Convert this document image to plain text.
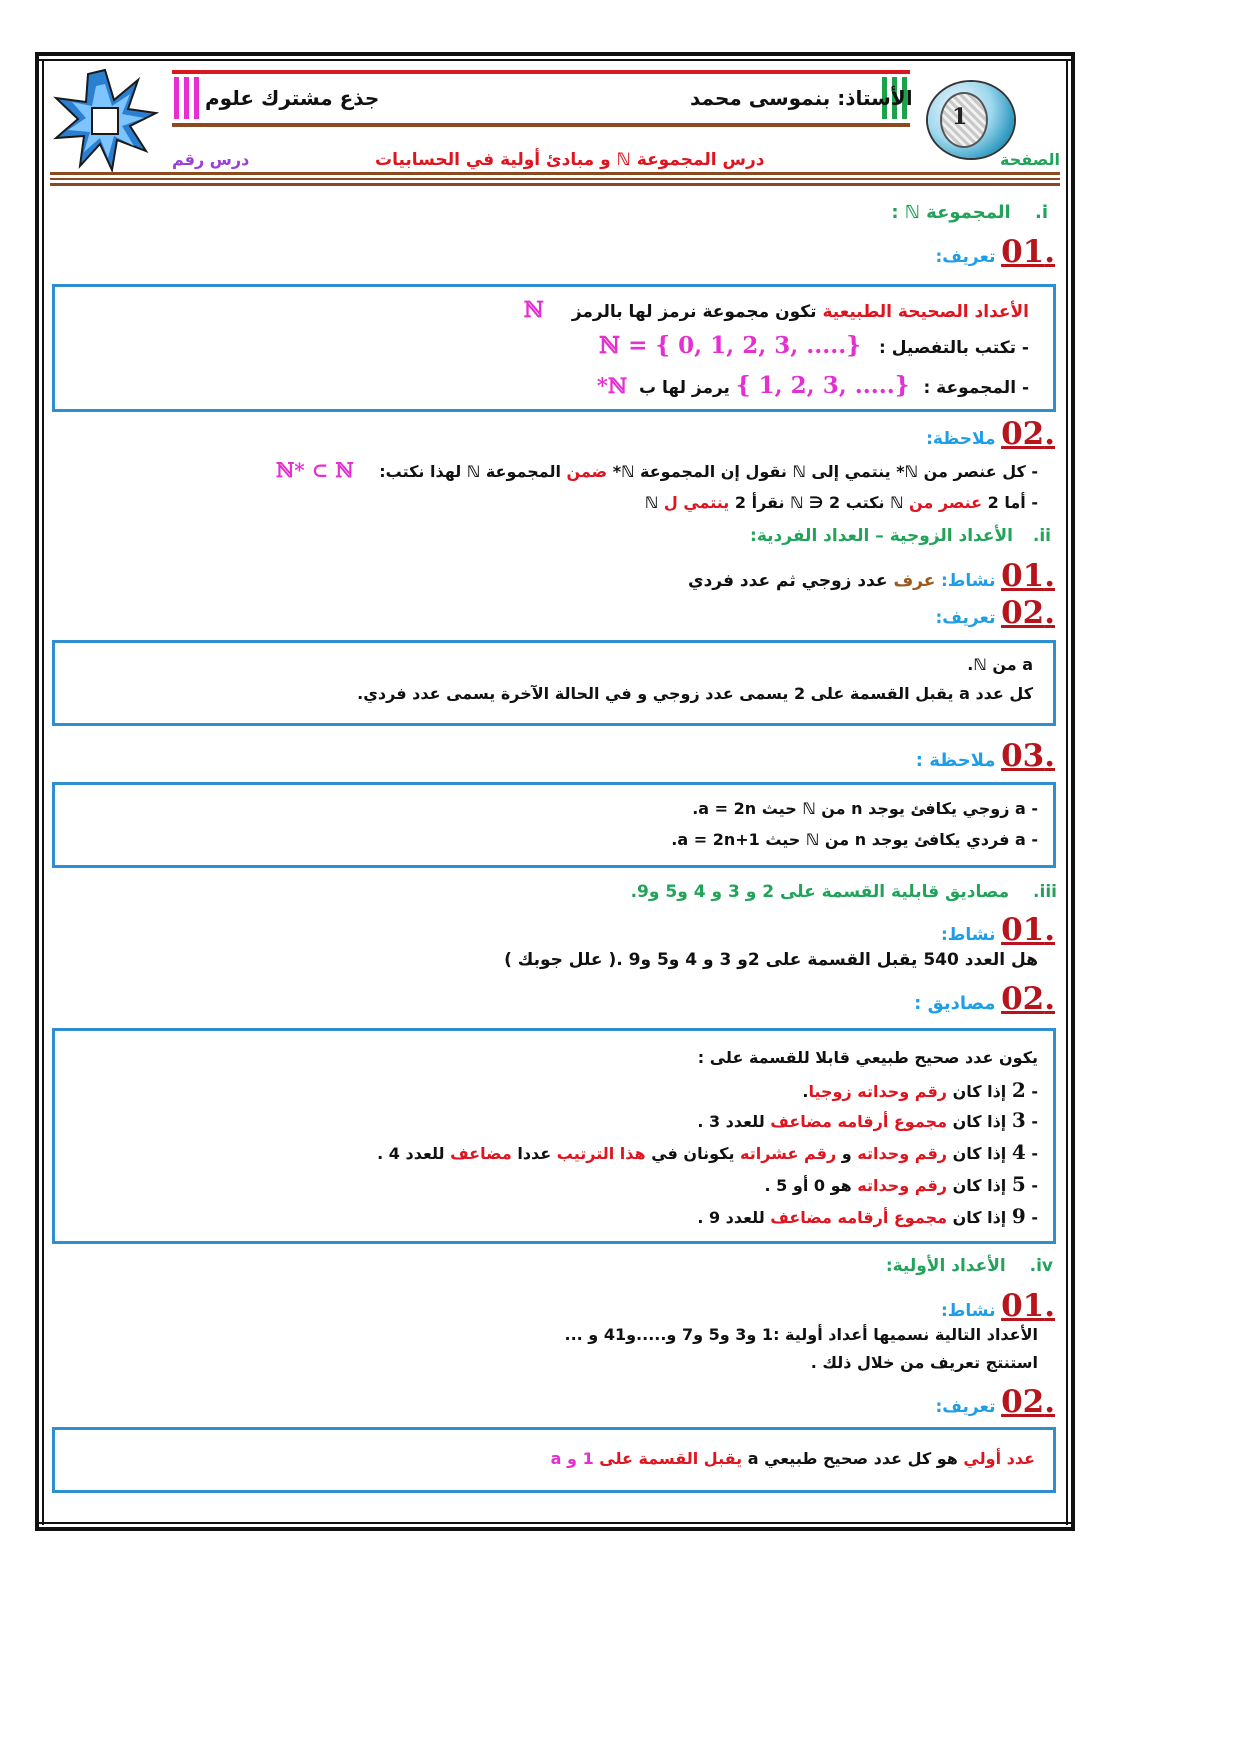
جذع مشترك علوم	الأستاذ: بنموسى محمد
1
درس رقم	درس المجموعة ℕ و مبادئ أولية في الحسابيات	الصفحة
i. المجموعة ℕ :
.01 تعريف:
الأعداد الصحيحة الطبيعية تكون مجموعة نرمز لها بالرمز ℕ
- تكتب بالتفصيل : ℕ = { 0, 1, 2, 3, .....}
- المجموعة : { 1, 2, 3, .....} يرمز لها ب ℕ*
.02 ملاحظة:
- كل عنصر من ℕ* ينتمي إلى ℕ نقول إن المجموعة ℕ* ضمن المجموعة ℕ لهذا نكتب: ℕ* ⊂ ℕ
- أما 2 عنصر من ℕ نكتب ℕ ∋ 2 نقرأ 2 ينتمي ل ℕ
ii. الأعداد الزوجية – العداد الفردية:
.01 نشاط: عرف عدد زوجي ثم عدد فردي
.02 تعريف:
a من ℕ.
كل عدد a يقبل القسمة على 2 يسمى عدد زوجي و في الحالة الآخرة يسمى عدد فردي.
.03 ملاحظة :
- a زوجي يكافئ يوجد n من ℕ حيث a = 2n.
- a فردي يكافئ يوجد n من ℕ حيث a = 2n+1.
iii. مصاديق قابلية القسمة على 2 و 3 و 4 و5 و9.
.01 نشاط:
هل العدد 540 يقبل القسمة على 2و 3 و 4 و5 و9 .( علل جوبك )
.02 مصاديق :
يكون عدد صحيح طبيعي قابلا للقسمة على :
- 2 إذا كان رقم وحداته زوجيا.
- 3 إذا كان مجموع أرقامه مضاعف للعدد 3 .
- 4 إذا كان رقم وحداته و رقم عشراته يكونان في هذا الترتيب عددا مضاعف للعدد 4 .
- 5 إذا كان رقم وحداته هو 0 أو 5 .
- 9 إذا كان مجموع أرقامه مضاعف للعدد 9 .
iv. الأعداد الأولية:
.01 نشاط:
الأعداد التالية نسميها أعداد أولية :1 و3 و5 و7 و.....و41 و ...
استنتج تعريف من خلال ذلك .
.02 تعريف:
عدد أولي هو كل عدد صحيح طبيعي a يقبل القسمة على 1 و a
